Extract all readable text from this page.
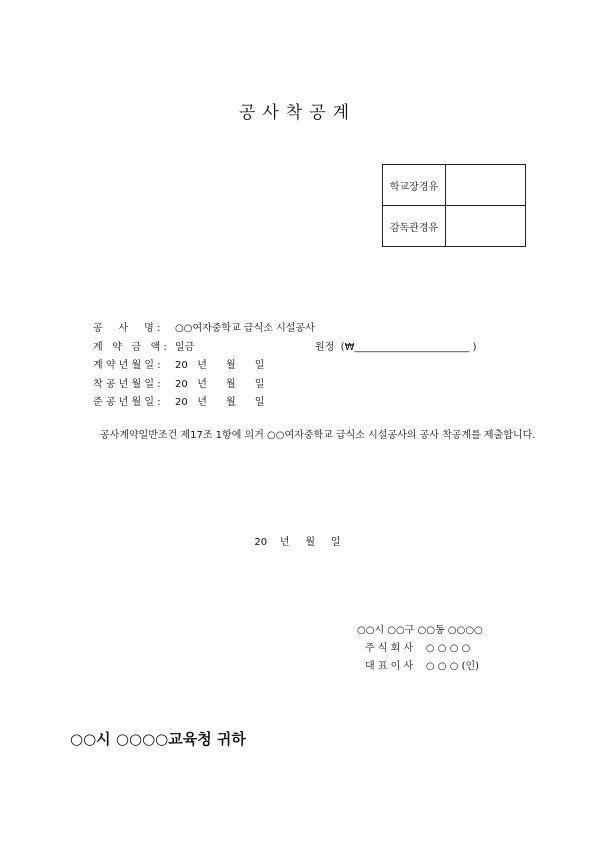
공사착공계
학교장경유	
감독관경유	
공     사     명 :	○○여자중학교 급식소 시설공사
계   약   금   액 : 일금	원정  (₩_______________________ )
계 약 년 월 일 :	20   년      월      일
착 공 년 월 일 :	20   년      월      일
준 공 년 월 일 :	20   년      월      일
공사계약일반조건 제17조 1항에 의거 ○○여자중학교 급식소 시설공사의 공사 착공계를 제출합니다.
20    년     월     일
○○시 ○○구 ○○동 ○○○○
주 식 회 사    ○ ○ ○ ○
대 표 이 사    ○ ○ ○ (인)
○○시 ○○○○교육청 귀하
